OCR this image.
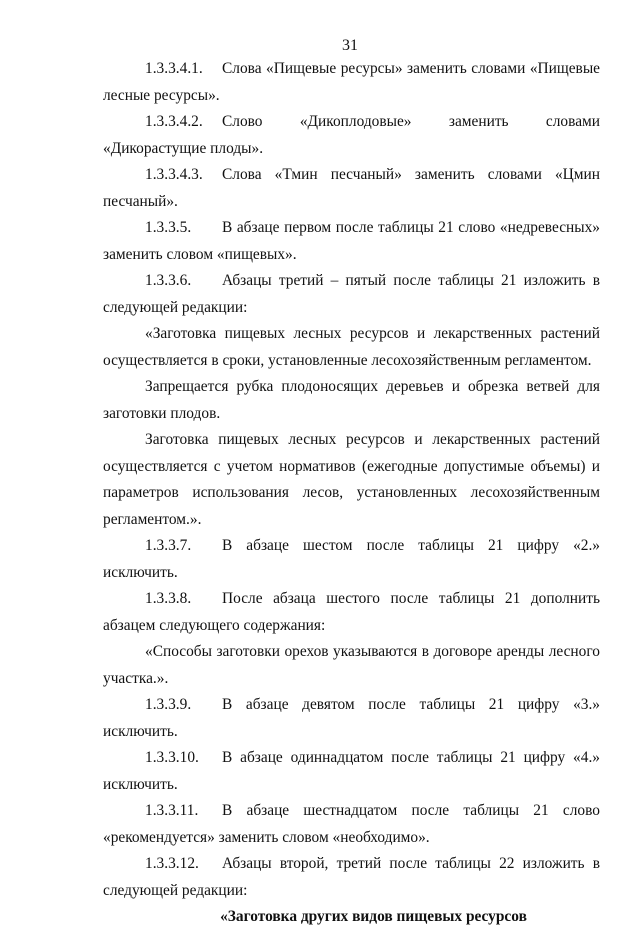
31

1.3.3.4.1. Слова «Пищевые ресурсы» заменить словами «Пищевые лесные ресурсы».

1.3.3.4.2. Слово «Дикоплодовые» заменить словами «Дикорастущие плоды».

1.3.3.4.3. Слова «Тмин песчаный» заменить словами «Цмин песчаный».

1.3.3.5. В абзаце первом после таблицы 21 слово «недревесных» заменить словом «пищевых».

1.3.3.6. Абзацы третий – пятый после таблицы 21 изложить в следующей редакции:

«Заготовка пищевых лесных ресурсов и лекарственных растений осуществляется в сроки, установленные лесохозяйственным регламентом.

Запрещается рубка плодоносящих деревьев и обрезка ветвей для заготовки плодов.

Заготовка пищевых лесных ресурсов и лекарственных растений осуществляется с учетом нормативов (ежегодные допустимые объемы) и параметров использования лесов, установленных лесохозяйственным регламентом.».

1.3.3.7. В абзаце шестом после таблицы 21 цифру «2.» исключить.

1.3.3.8. После абзаца шестого после таблицы 21 дополнить абзацем следующего содержания:

«Способы заготовки орехов указываются в договоре аренды лесного участка.».

1.3.3.9. В абзаце девятом после таблицы 21 цифру «3.» исключить.

1.3.3.10. В абзаце одиннадцатом после таблицы 21 цифру «4.» исключить.

1.3.3.11. В абзаце шестнадцатом после таблицы 21 слово «рекомендуется» заменить словом «необходимо».

1.3.3.12. Абзацы второй, третий после таблицы 22 изложить в следующей редакции:

«Заготовка других видов пищевых ресурсов
